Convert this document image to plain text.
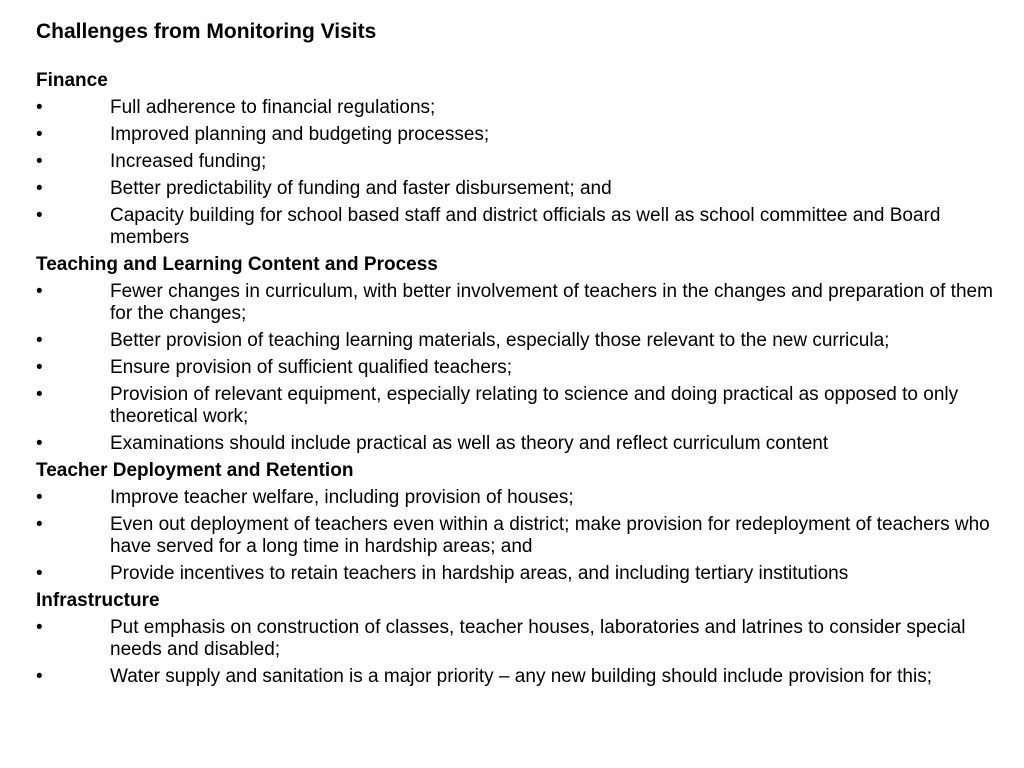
Challenges from Monitoring Visits
Finance
•	Full adherence to financial regulations;
•	Improved planning and budgeting processes;
•	Increased funding;
•	Better predictability of funding and faster disbursement; and
•	Capacity building for school based staff and district officials as well as school committee and Board members
Teaching and Learning Content and Process
•	Fewer changes in curriculum, with better involvement of teachers in the changes and preparation of them for the changes;
•	Better provision of teaching learning materials, especially those relevant to the new curricula;
•	Ensure provision of sufficient qualified teachers;
•	Provision of relevant equipment, especially relating to science and doing practical as opposed to only theoretical work;
•	Examinations should include practical as well as theory and reflect curriculum content
Teacher Deployment and Retention
•	Improve teacher welfare, including provision of houses;
•	Even out deployment of teachers even within a district; make provision for redeployment of teachers who have served for a long time in hardship areas; and
•	Provide incentives to retain teachers in hardship areas, and including tertiary institutions
Infrastructure
•	Put emphasis on construction of classes, teacher houses, laboratories and latrines to consider special needs and disabled;
•	Water supply and sanitation is a major priority – any new building should include provision for this;
